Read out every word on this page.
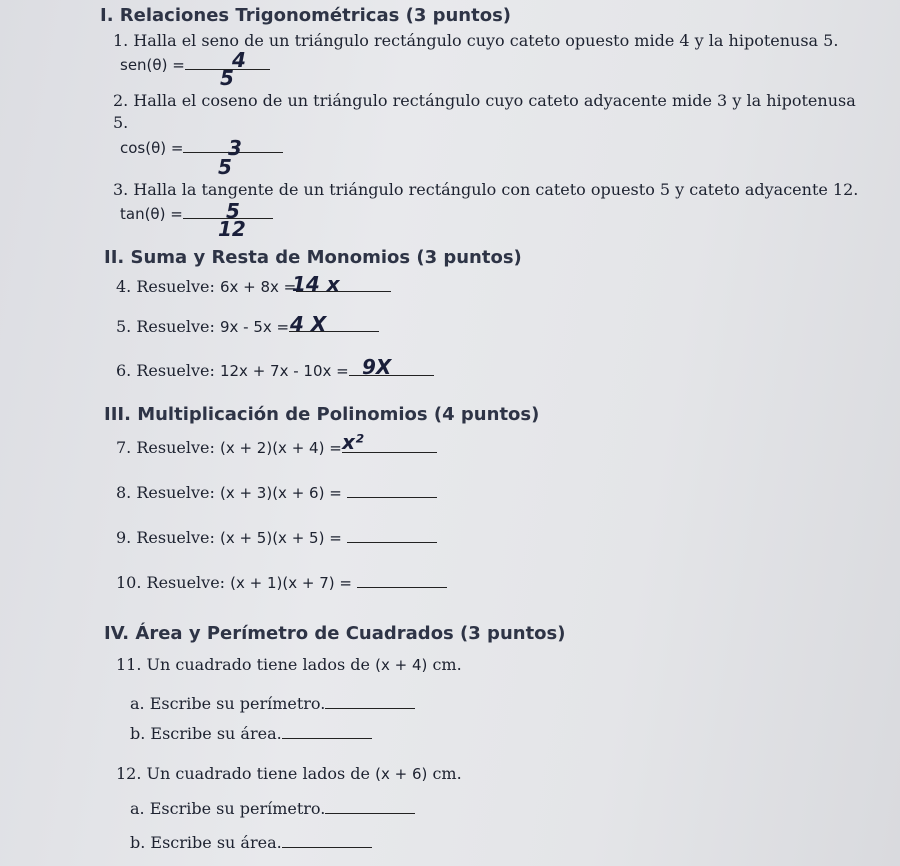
I. Relaciones Trigonométricas (3 puntos)
1. Halla el seno de un triángulo rectángulo cuyo cateto opuesto mide 4 y la hipotenusa 5.
sen(θ) =	4
5
2. Halla el coseno de un triángulo rectángulo cuyo cateto adyacente mide 3 y la hipotenusa
5.
cos(θ) =	3
5
3. Halla la tangente de un triángulo rectángulo con cateto opuesto 5 y cateto adyacente 12.
tan(θ) =	5
12
II. Suma y Resta de Monomios (3 puntos)
4. Resuelve: 6x + 8x =
14 x
5. Resuelve: 9x - 5x = 4 X
6. Resuelve: 12x + 7x - 10x = 9X
III. Multiplicación de Polinomios (4 puntos)
7. Resuelve: (x + 2)(x + 4) = x²
8. Resuelve: (x + 3)(x + 6) =
9. Resuelve: (x + 5)(x + 5) =
10. Resuelve: (x + 1)(x + 7) =
IV. Área y Perímetro de Cuadrados (3 puntos)
11. Un cuadrado tiene lados de (x + 4) cm.
a. Escribe su perímetro.
b. Escribe su área.
12. Un cuadrado tiene lados de (x + 6) cm.
a. Escribe su perímetro.
b. Escribe su área.
